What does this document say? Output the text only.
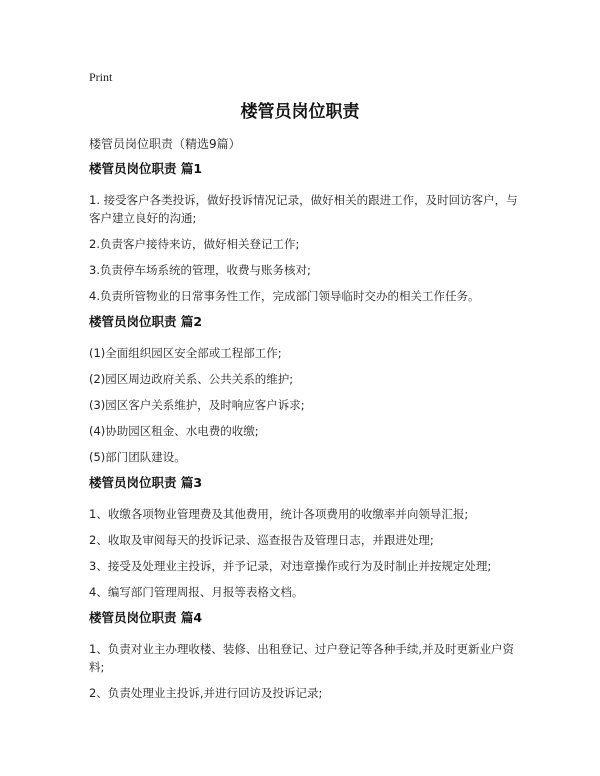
Print
楼管员岗位职责
楼管员岗位职责（精选9篇）
楼管员岗位职责 篇1
1. 接受客户各类投诉，做好投诉情况记录，做好相关的跟进工作，及时回访客户，与客户建立良好的沟通;
2.负责客户接待来访，做好相关登记工作;
3.负责停车场系统的管理，收费与账务核对;
4.负责所管物业的日常事务性工作，完成部门领导临时交办的相关工作任务。
楼管员岗位职责 篇2
(1)全面组织园区安全部或工程部工作;
(2)园区周边政府关系、公共关系的维护;
(3)园区客户关系维护，及时响应客户诉求;
(4)协助园区租金、水电费的收缴;
(5)部门团队建设。
楼管员岗位职责 篇3
1、收缴各项物业管理费及其他费用，统计各项费用的收缴率并向领导汇报;
2、收取及审阅每天的投诉记录、巡查报告及管理日志，并跟进处理;
3、接受及处理业主投诉，并予记录，对违章操作或行为及时制止并按规定处理;
4、编写部门管理周报、月报等表格文档。
楼管员岗位职责 篇4
1、负责对业主办理收楼、装修、出租登记、过户登记等各种手续,并及时更新业户资料;
2、负责处理业主投诉,并进行回访及投诉记录;
